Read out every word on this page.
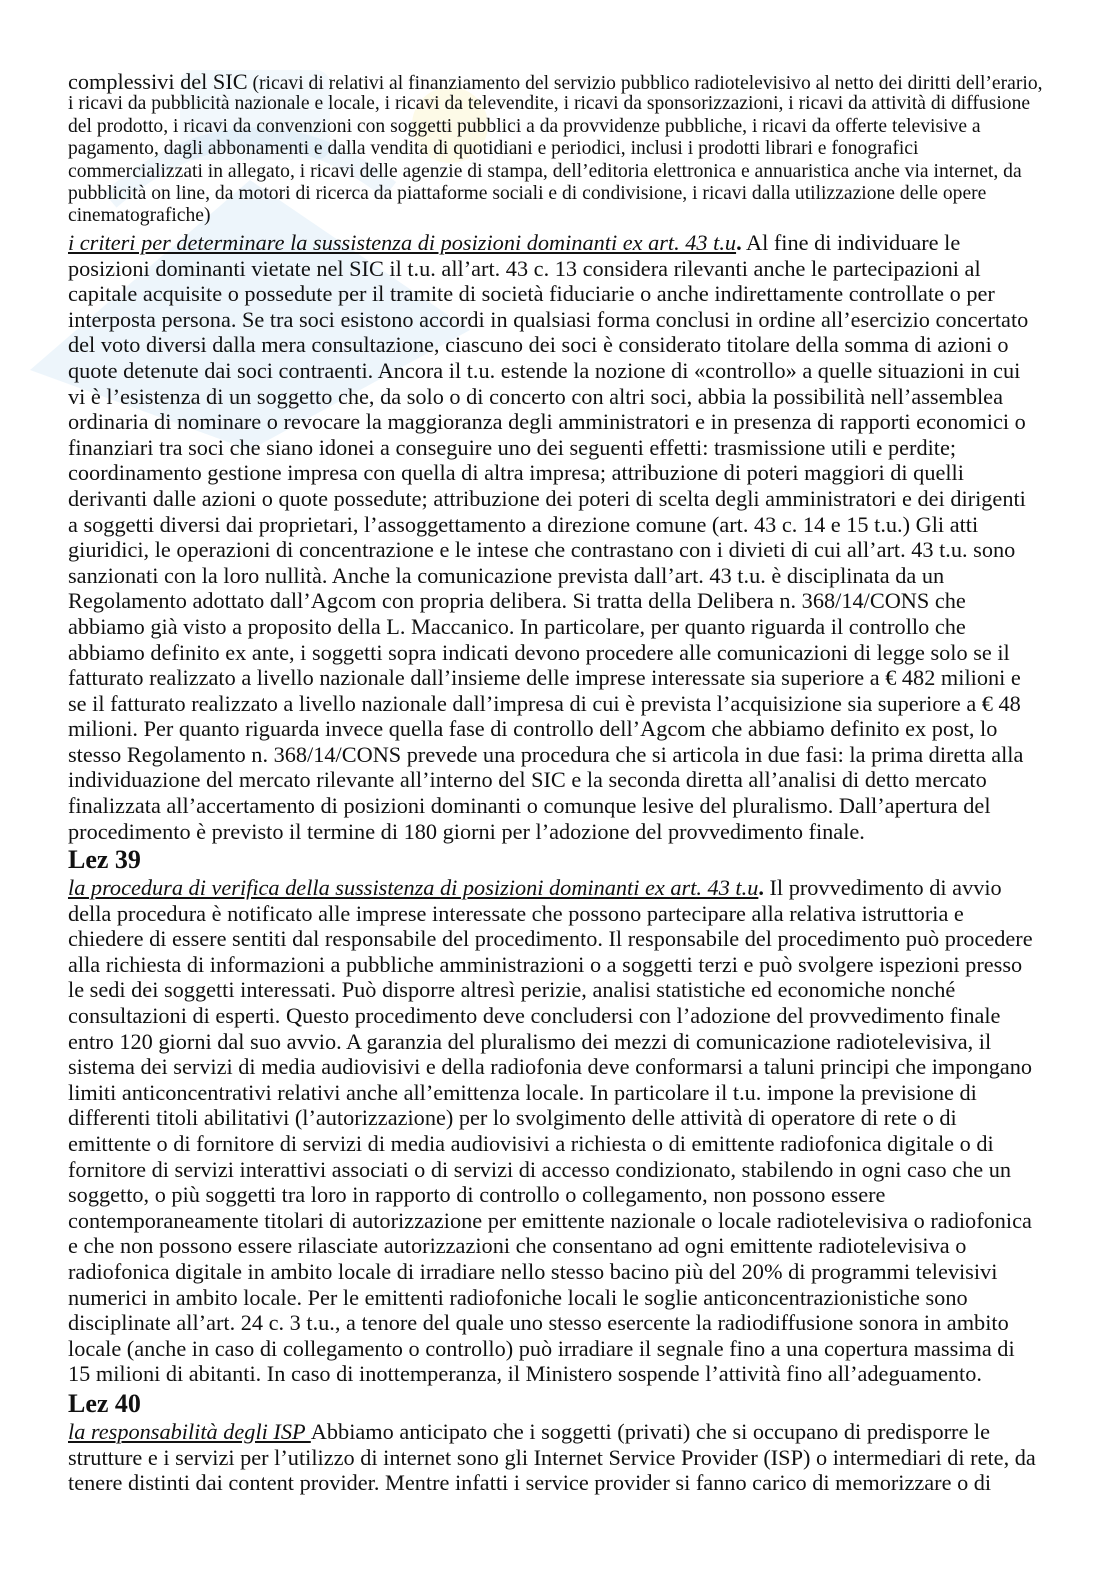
complessivi del SIC (ricavi di relativi al finanziamento del servizio pubblico radiotelevisivo al netto dei diritti dell’erario,
i ricavi da pubblicità nazionale e locale, i ricavi da televendite, i ricavi da sponsorizzazioni, i ricavi da attività di diffusione
del prodotto, i ricavi da convenzioni con soggetti pubblici a da provvidenze pubbliche, i ricavi da offerte televisive a
pagamento, dagli abbonamenti e dalla vendita di quotidiani e periodici, inclusi i prodotti librari e fonografici
commercializzati in allegato, i ricavi delle agenzie di stampa, dell’editoria elettronica e annuaristica anche via internet, da
pubblicità on line, da motori di ricerca da piattaforme sociali e di condivisione, i ricavi dalla utilizzazione delle opere
cinematografiche)
i criteri per determinare la sussistenza di posizioni dominanti ex art. 43 t.u. Al fine di individuare le
posizioni dominanti vietate nel SIC il t.u. all’art. 43 c. 13 considera rilevanti anche le partecipazioni al
capitale acquisite o possedute per il tramite di società fiduciarie o anche indirettamente controllate o per
interposta persona. Se tra soci esistono accordi in qualsiasi forma conclusi in ordine all’esercizio concertato
del voto diversi dalla mera consultazione, ciascuno dei soci è considerato titolare della somma di azioni o
quote detenute dai soci contraenti. Ancora il t.u. estende la nozione di «controllo» a quelle situazioni in cui
vi è l’esistenza di un soggetto che, da solo o di concerto con altri soci, abbia la possibilità nell’assemblea
ordinaria di nominare o revocare la maggioranza degli amministratori e in presenza di rapporti economici o
finanziari tra soci che siano idonei a conseguire uno dei seguenti effetti: trasmissione utili e perdite;
coordinamento gestione impresa con quella di altra impresa; attribuzione di poteri maggiori di quelli
derivanti dalle azioni o quote possedute; attribuzione dei poteri di scelta degli amministratori e dei dirigenti
a soggetti diversi dai proprietari, l’assoggettamento a direzione comune (art. 43 c. 14 e 15 t.u.) Gli atti
giuridici, le operazioni di concentrazione e le intese che contrastano con i divieti di cui all’art. 43 t.u. sono
sanzionati con la loro nullità. Anche la comunicazione prevista dall’art. 43 t.u. è disciplinata da un
Regolamento adottato dall’Agcom con propria delibera. Si tratta della Delibera n. 368/14/CONS che
abbiamo già visto a proposito della L. Maccanico. In particolare, per quanto riguarda il controllo che
abbiamo definito ex ante, i soggetti sopra indicati devono procedere alle comunicazioni di legge solo se il
fatturato realizzato a livello nazionale dall’insieme delle imprese interessate sia superiore a € 482 milioni e
se il fatturato realizzato a livello nazionale dall’impresa di cui è prevista l’acquisizione sia superiore a € 48
milioni. Per quanto riguarda invece quella fase di controllo dell’Agcom che abbiamo definito ex post, lo
stesso Regolamento n. 368/14/CONS prevede una procedura che si articola in due fasi: la prima diretta alla
individuazione del mercato rilevante all’interno del SIC e la seconda diretta all’analisi di detto mercato
finalizzata all’accertamento di posizioni dominanti o comunque lesive del pluralismo. Dall’apertura del
procedimento è previsto il termine di 180 giorni per l’adozione del provvedimento finale.
Lez 39
la procedura di verifica della sussistenza di posizioni dominanti ex art. 43 t.u. Il provvedimento di avvio
della procedura è notificato alle imprese interessate che possono partecipare alla relativa istruttoria e
chiedere di essere sentiti dal responsabile del procedimento. Il responsabile del procedimento può procedere
alla richiesta di informazioni a pubbliche amministrazioni o a soggetti terzi e può svolgere ispezioni presso
le sedi dei soggetti interessati. Può disporre altresì perizie, analisi statistiche ed economiche nonché
consultazioni di esperti. Questo procedimento deve concludersi con l’adozione del provvedimento finale
entro 120 giorni dal suo avvio. A garanzia del pluralismo dei mezzi di comunicazione radiotelevisiva, il
sistema dei servizi di media audiovisivi e della radiofonia deve conformarsi a taluni principi che impongano
limiti anticoncentrativi relativi anche all’emittenza locale. In particolare il t.u. impone la previsione di
differenti titoli abilitativi (l’autorizzazione) per lo svolgimento delle attività di operatore di rete o di
emittente o di fornitore di servizi di media audiovisivi a richiesta o di emittente radiofonica digitale o di
fornitore di servizi interattivi associati o di servizi di accesso condizionato, stabilendo in ogni caso che un
soggetto, o più soggetti tra loro in rapporto di controllo o collegamento, non possono essere
contemporaneamente titolari di autorizzazione per emittente nazionale o locale radiotelevisiva o radiofonica
e che non possono essere rilasciate autorizzazioni che consentano ad ogni emittente radiotelevisiva o
radiofonica digitale in ambito locale di irradiare nello stesso bacino più del 20% di programmi televisivi
numerici in ambito locale. Per le emittenti radiofoniche locali le soglie anticoncentrazionistiche sono
disciplinate all’art. 24 c. 3 t.u., a tenore del quale uno stesso esercente la radiodiffusione sonora in ambito
locale (anche in caso di collegamento o controllo) può irradiare il segnale fino a una copertura massima di
15 milioni di abitanti. In caso di inottemperanza, il Ministero sospende l’attività fino all’adeguamento.
Lez 40
la responsabilità degli ISP Abbiamo anticipato che i soggetti (privati) che si occupano di predisporre le
strutture e i servizi per l’utilizzo di internet sono gli Internet Service Provider (ISP) o intermediari di rete, da
tenere distinti dai content provider. Mentre infatti i service provider si fanno carico di memorizzare o di
